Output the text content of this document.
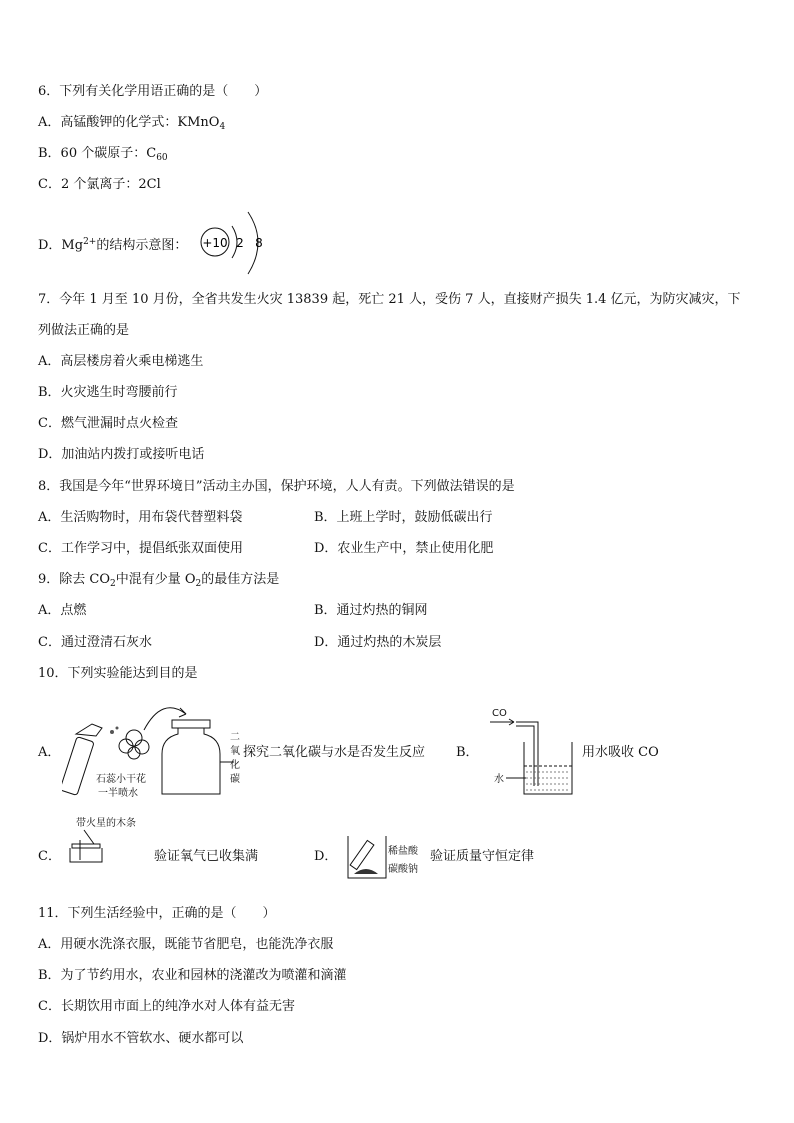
6．下列有关化学用语正确的是（　　）
A．高锰酸钾的化学式：KMnO$_4$
B．60 个碳原子：$C_{60}$
C．2 个氯离子：2Cl
D．$Mg^{2+}$的结构示意图： +10 2 8
7．今年 1 月至 10 月份，全省共发生火灾 13839 起，死亡 21 人，受伤 7 人，直接财产损失 1.4 亿元，为防灾减灾，下
列做法正确的是
A．高层楼房着火乘电梯逃生
B．火灾逃生时弯腰前行
C．燃气泄漏时点火检查
D．加油站内拨打或接听电话
8．我国是今年“世界环境日”活动主办国，保护环境，人人有责。下列做法错误的是
A．生活购物时，用布袋代替塑料袋	B．上班上学时，鼓励低碳出行
C．工作学习中，提倡纸张双面使用	D．农业生产中，禁止使用化肥
9．除去 $CO_2$中混有少量 $O_2$的最佳方法是
A．点燃	B．通过灼热的铜网
C．通过澄清石灰水	D．通过灼热的木炭层
10．下列实验能达到目的是
A．
石蕊小干花
一半喷水
二
氧
化
碳
探究二氧化碳与水是否发生反应 B．
CO
水
用水吸收 CO
C．
带火星的木条
验证氧气已收集满	D．	稀盐酸
碳酸钠
验证质量守恒定律
11．下列生活经验中，正确的是（　　）
A．用硬水洗涤衣服，既能节省肥皂，也能洗净衣服
B．为了节约用水，农业和园林的浇灌改为喷灌和滴灌
C．长期饮用市面上的纯净水对人体有益无害
D．锅炉用水不管软水、硬水都可以
